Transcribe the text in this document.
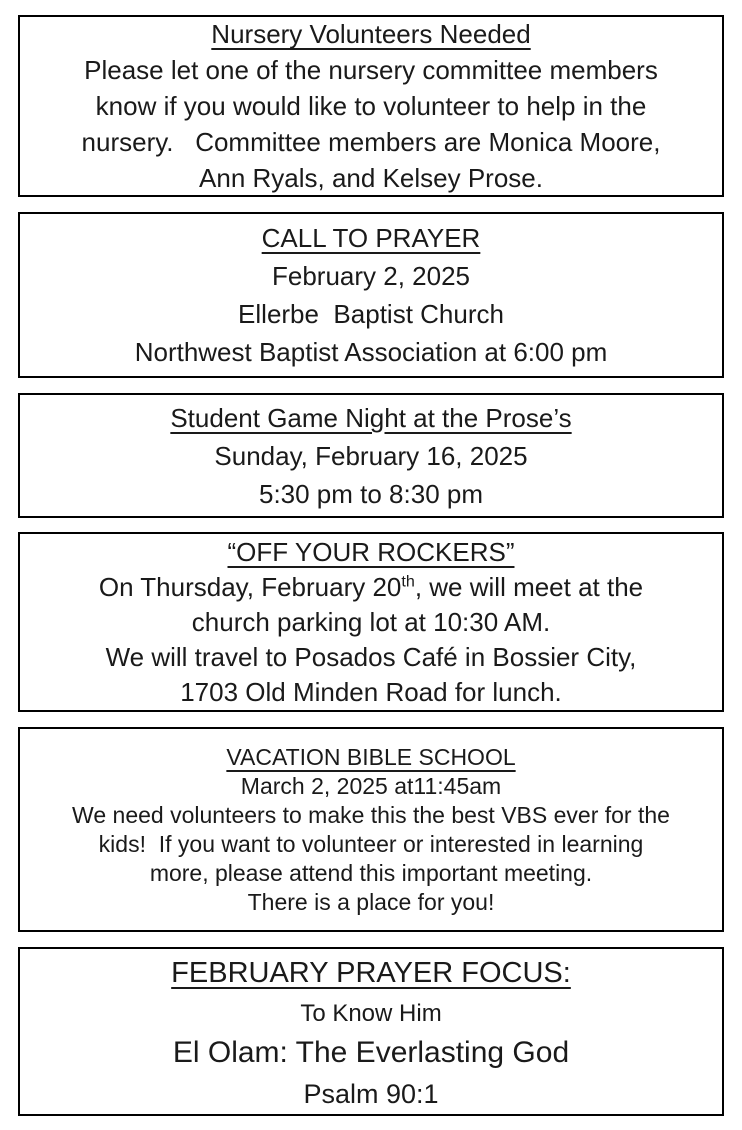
Nursery Volunteers Needed
Please let one of the nursery committee members
know if you would like to volunteer to help in the
nursery.   Committee members are Monica Moore,
Ann Ryals, and Kelsey Prose.
CALL TO PRAYER
February 2, 2025
Ellerbe  Baptist Church
Northwest Baptist Association at 6:00 pm
Student Game Night at the Prose’s
Sunday, February 16, 2025
5:30 pm to 8:30 pm
“OFF YOUR ROCKERS”
On Thursday, February 20th, we will meet at the
church parking lot at 10:30 AM.
We will travel to Posados Café in Bossier City,
1703 Old Minden Road for lunch.
VACATION BIBLE SCHOOL
March 2, 2025 at11:45am
We need volunteers to make this the best VBS ever for the
kids!  If you want to volunteer or interested in learning
more, please attend this important meeting.
There is a place for you!
FEBRUARY PRAYER FOCUS:
To Know Him
El Olam: The Everlasting God
Psalm 90:1
